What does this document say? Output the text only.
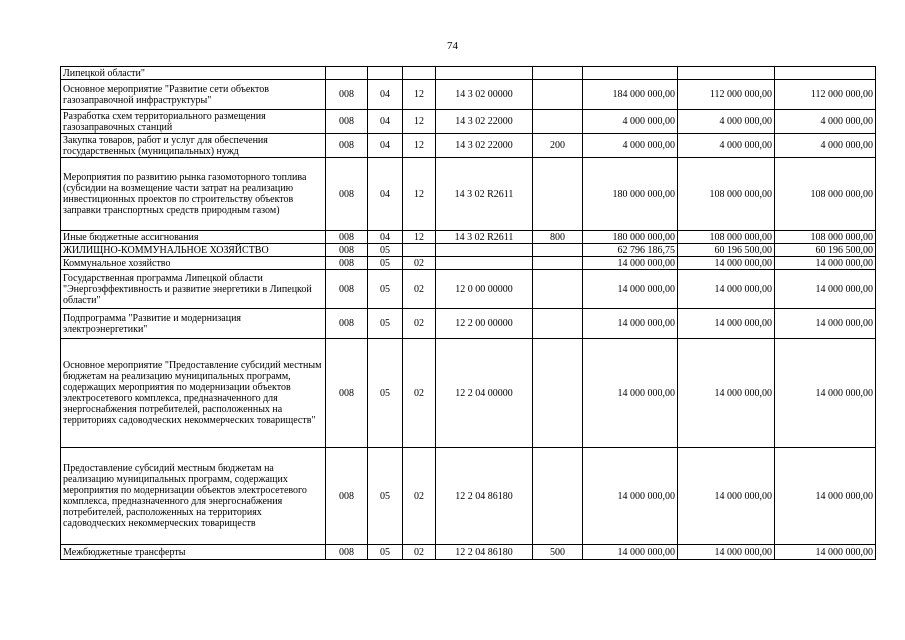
74
Липецкой области"								
Основное мероприятие "Развитие сети объектов газозаправочной инфраструктуры"	008	04	12	14 3 02 00000		184 000 000,00	112 000 000,00	112 000 000,00
Разработка схем территориального размещения газозаправочных станций	008	04	12	14 3 02 22000		4 000 000,00	4 000 000,00	4 000 000,00
Закупка товаров, работ и услуг для обеспечения государственных (муниципальных) нужд	008	04	12	14 3 02 22000	200	4 000 000,00	4 000 000,00	4 000 000,00
Мероприятия по развитию рынка газомоторного топлива (субсидии на возмещение части затрат на реализацию инвестиционных проектов по строительству объектов заправки транспортных средств природным газом)	008	04	12	14 3 02 R2611		180 000 000,00	108 000 000,00	108 000 000,00
Иные бюджетные ассигнования	008	04	12	14 3 02 R2611	800	180 000 000,00	108 000 000,00	108 000 000,00
ЖИЛИЩНО-КОММУНАЛЬНОЕ ХОЗЯЙСТВО	008	05				62 796 186,75	60 196 500,00	60 196 500,00
Коммунальное хозяйство	008	05	02			14 000 000,00	14 000 000,00	14 000 000,00
Государственная программа Липецкой области "Энергоэффективность и развитие энергетики в Липецкой области"	008	05	02	12 0 00 00000		14 000 000,00	14 000 000,00	14 000 000,00
Подпрограмма "Развитие и модернизация электроэнергетики"	008	05	02	12 2 00 00000		14 000 000,00	14 000 000,00	14 000 000,00
Основное мероприятие "Предоставление субсидий местным бюджетам на реализацию муниципальных программ, содержащих мероприятия по модернизации объектов электросетевого комплекса, предназначенного для энергоснабжения потребителей, расположенных на территориях садоводческих некоммерческих товариществ"	008	05	02	12 2 04 00000		14 000 000,00	14 000 000,00	14 000 000,00
Предоставление субсидий местным бюджетам на реализацию муниципальных программ, содержащих мероприятия по модернизации объектов электросетевого комплекса, предназначенного для энергоснабжения потребителей, расположенных на территориях садоводческих некоммерческих товариществ	008	05	02	12 2 04 86180		14 000 000,00	14 000 000,00	14 000 000,00
Межбюджетные трансферты	008	05	02	12 2 04 86180	500	14 000 000,00	14 000 000,00	14 000 000,00
